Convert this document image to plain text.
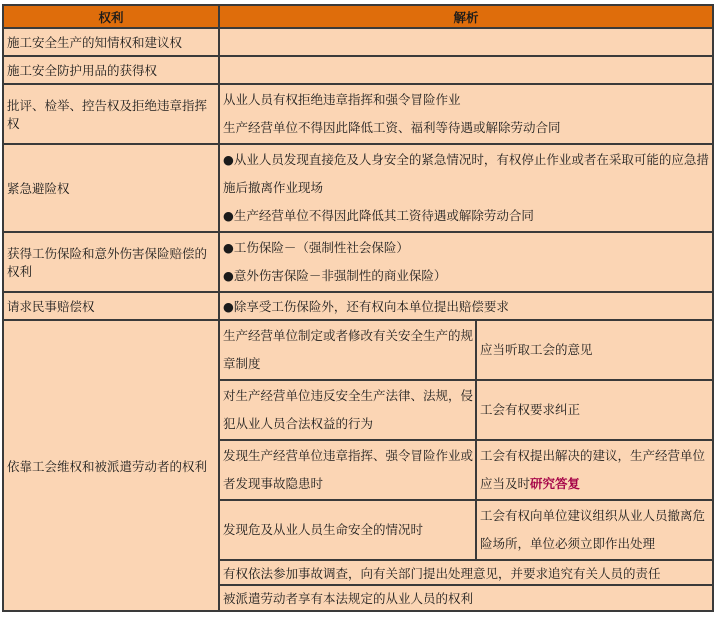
权利	解析	
施工安全生产的知情权和建议权		
施工安全防护用品的获得权		
批评、检举、控告权及拒绝违章指挥权	从业人员有权拒绝违章指挥和强令冒险作业
生产经营单位不得因此降低工资、福利等待遇或解除劳动合同	

紧急避险权	●从业人员发现直接危及人身安全的紧急情况时，有权停止作业或者在采取可能的应急措施后撤离作业现场
●生产经营单位不得因此降低其工资待遇或解除劳动合同	

获得工伤保险和意外伤害保险赔偿的权利	●工伤保险－（强制性社会保险）
●意外伤害保险－非强制性的商业保险）	

请求民事赔偿权	●除享受工伤保险外，还有权向本单位提出赔偿要求	
依靠工会维权和被派遣劳动者的权利	生产经营单位制定或者修改有关安全生产的规章制度	应当听取工会的意见

	对生产经营单位违反安全生产法律、法规，侵犯从业人员合法权益的行为	工会有权要求纠正

	发现生产经营单位违章指挥、强令冒险作业或者发现事故隐患时	工会有权提出解决的建议，生产经营单位应当及时研究答复

	发现危及从业人员生命安全的情况时	工会有权向单位建议组织从业人员撤离危险场所，单位必须立即作出处理

	有权依法参加事故调查，向有关部门提出处理意见，并要求追究有关人员的责任	
	被派遣劳动者享有本法规定的从业人员的权利	
